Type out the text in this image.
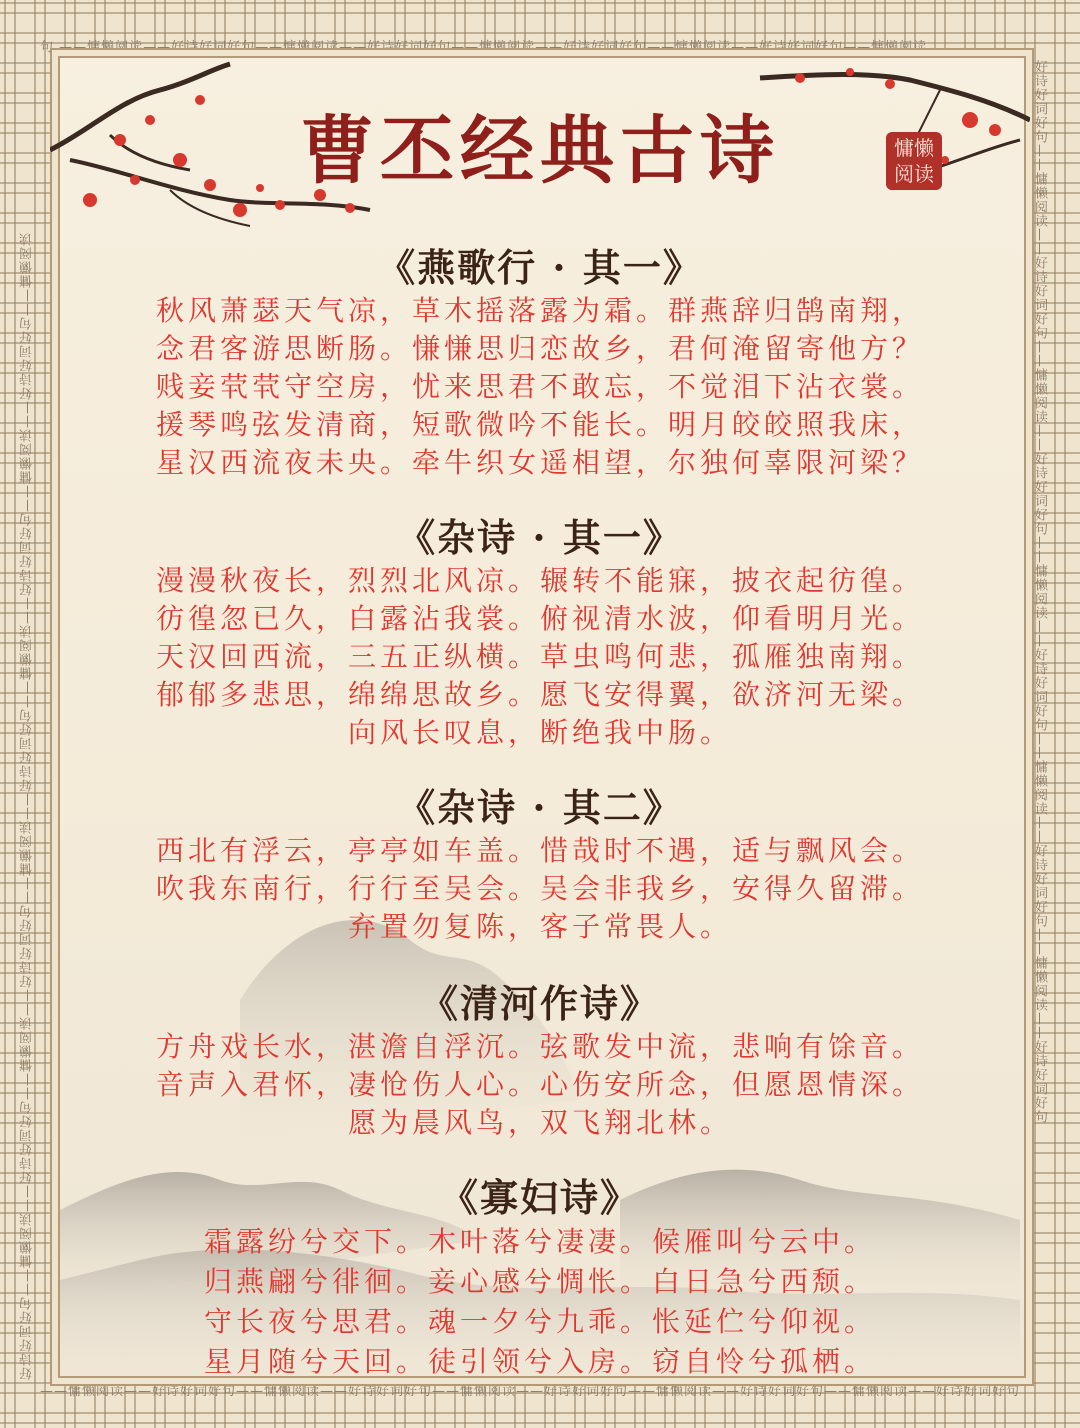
句 ——慵懒阅读——好诗好词好句——慵懒阅读——好诗好词好句——慵懒阅读——好诗好词好句——慵懒阅读——好诗好词好句——慵懒阅读
——慵懒阅读——好诗好词好句——慵懒阅读——好诗好词好句——慵懒阅读——好诗好词好句——慵懒阅读——好诗好词好句——慵懒阅读——好诗好词好句
好诗好词好句——慵懒阅读——好诗好词好句——慵懒阅读——好诗好词好句——慵懒阅读——好诗好词好句——慵懒阅读——好诗好词好句——慵懒阅读——好诗好词好句——慵懒阅读	好诗好词好句——慵懒阅读——好诗好词好句——慵懒阅读——好诗好词好句——慵懒阅读——好诗好词好句——慵懒阅读——好诗好词好句——慵懒阅读——好诗好词好句
曹丕经典古诗	慵懒
阅读
《燕歌行 · 其一》
秋风萧瑟天气凉，草木摇落露为霜。群燕辞归鹄南翔，
念君客游思断肠。慊慊思归恋故乡，君何淹留寄他方？
贱妾茕茕守空房，忧来思君不敢忘，不觉泪下沾衣裳。
援琴鸣弦发清商，短歌微吟不能长。明月皎皎照我床，
星汉西流夜未央。牵牛织女遥相望，尔独何辜限河梁？
《杂诗 · 其一》
漫漫秋夜长，烈烈北风凉。辗转不能寐，披衣起彷徨。
彷徨忽已久，白露沾我裳。俯视清水波，仰看明月光。
天汉回西流，三五正纵横。草虫鸣何悲，孤雁独南翔。
郁郁多悲思，绵绵思故乡。愿飞安得翼，欲济河无梁。
向风长叹息，断绝我中肠。
《杂诗 · 其二》
西北有浮云，亭亭如车盖。惜哉时不遇，适与飘风会。
吹我东南行，行行至吴会。吴会非我乡，安得久留滞。
弃置勿复陈，客子常畏人。
《清河作诗》
方舟戏长水，湛澹自浮沉。弦歌发中流，悲响有馀音。
音声入君怀，凄怆伤人心。心伤安所念，但愿恩情深。
愿为晨风鸟，双飞翔北林。
《寡妇诗》
霜露纷兮交下。木叶落兮凄凄。候雁叫兮云中。
归燕翩兮徘徊。妾心感兮惆怅。白日急兮西颓。
守长夜兮思君。魂一夕兮九乖。怅延伫兮仰视。
星月随兮天回。徒引领兮入房。窃自怜兮孤栖。
